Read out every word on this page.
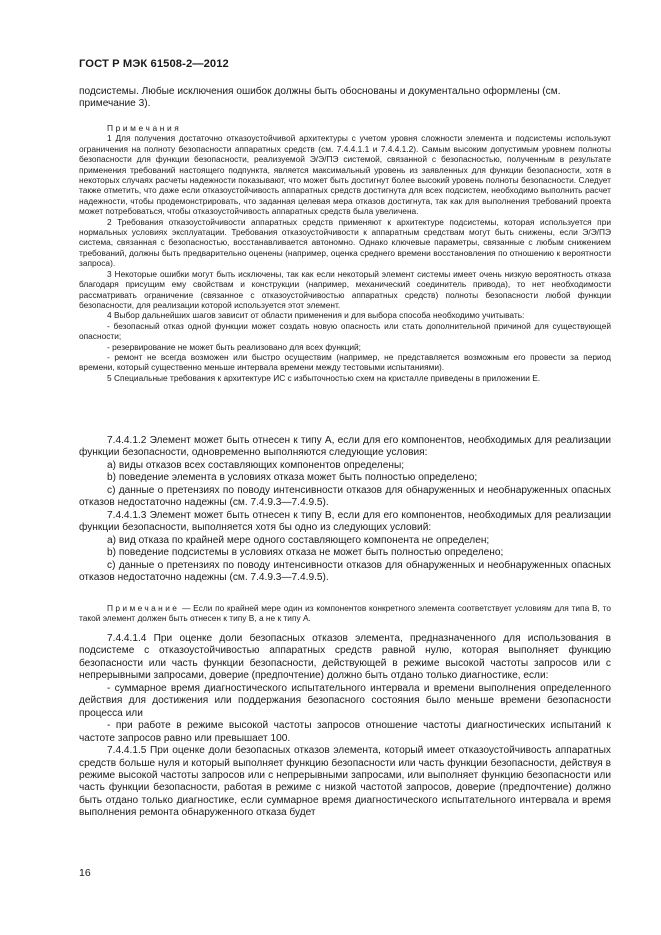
ГОСТ Р МЭК 61508-2—2012

подсистемы. Любые исключения ошибок должны быть обоснованы и документально оформлены (см.

примечание 3).

Примечания

1 Для получения достаточно отказоустойчивой архитектуры с учетом уровня сложности элемента и подсистемы используют ограничения на полноту безопасности аппаратных средств (см. 7.4.4.1.1 и 7.4.4.1.2). Самым высоким допустимым уровнем полноты безопасности для функции безопасности, реализуемой Э/Э/ПЭ системой, связанной с безопасностью, полученным в результате применения требований настоящего подпункта, является максимальный уровень из заявленных для функции безопасности, хотя в некоторых случаях расчеты надежности показывают, что может быть достигнут более высокий уровень полноты безопасности. Следует также отметить, что даже если отказоустойчивость аппаратных средств достигнута для всех подсистем, необходимо выполнить расчет надежности, чтобы продемонстрировать, что заданная целевая мера отказов достигнута, так как для выполнения требований проекта может потребоваться, чтобы отказоустойчивость аппаратных средств была увеличена.

2 Требования отказоустойчивости аппаратных средств применяют к архитектуре подсистемы, которая используется при нормальных условиях эксплуатации. Требования отказоустойчивости к аппаратным средствам могут быть снижены, если Э/Э/ПЭ система, связанная с безопасностью, восстанавливается автономно. Однако ключевые параметры, связанные с любым снижением требований, должны быть предварительно оценены (например, оценка среднего времени восстановления по отношению к вероятности запроса).

3 Некоторые ошибки могут быть исключены, так как если некоторый элемент системы имеет очень низкую вероятность отказа благодаря присущим ему свойствам и конструкции (например, механический соединитель привода), то нет необходимости рассматривать ограничение (связанное с отказоустойчивостью аппаратных средств) полноты безопасности любой функции безопасности, для реализации которой используется этот элемент.

4 Выбор дальнейших шагов зависит от области применения и для выбора способа необходимо учитывать:

- безопасный отказ одной функции может создать новую опасность или стать дополнительной причиной для существующей опасности;

- резервирование не может быть реализовано для всех функций;

- ремонт не всегда возможен или быстро осуществим (например, не представляется возможным его провести за период времени, который существенно меньше интервала времени между тестовыми испытаниями).

5 Специальные требования к архитектуре ИС с избыточностью схем на кристалле приведены в приложении Е.

7.4.4.1.2 Элемент может быть отнесен к типу А, если для его компонентов, необходимых для реализации функции безопасности, одновременно выполняются следующие условия:

а) виды отказов всех составляющих компонентов определены;

b) поведение элемента в условиях отказа может быть полностью определено;

c) данные о претензиях по поводу интенсивности отказов для обнаруженных и необнаруженных опасных отказов недостаточно надежны (см. 7.4.9.3—7.4.9.5).

7.4.4.1.3 Элемент может быть отнесен к типу В, если для его компонентов, необходимых для реализации функции безопасности, выполняется хотя бы одно из следующих условий:

а) вид отказа по крайней мере одного составляющего компонента не определен;

b) поведение подсистемы в условиях отказа не может быть полностью определено;

c) данные о претензиях по поводу интенсивности отказов для обнаруженных и необнаруженных опасных отказов недостаточно надежны (см. 7.4.9.3—7.4.9.5).

Примечание — Если по крайней мере один из компонентов конкретного элемента соответствует условиям для типа В, то такой элемент должен быть отнесен к типу В, а не к типу А.

7.4.4.1.4 При оценке доли безопасных отказов элемента, предназначенного для использования в подсистеме с отказоустойчивостью аппаратных средств равной нулю, которая выполняет функцию безопасности или часть функции безопасности, действующей в режиме высокой частоты запросов или с непрерывными запросами, доверие (предпочтение) должно быть отдано только диагностике, если:

- суммарное время диагностического испытательного интервала и времени выполнения определенного действия для достижения или поддержания безопасного состояния было меньше времени безопасности процесса или

- при работе в режиме высокой частоты запросов отношение частоты диагностических испытаний к частоте запросов равно или превышает 100.

7.4.4.1.5 При оценке доли безопасных отказов элемента, который имеет отказоустойчивость аппаратных средств больше нуля и который выполняет функцию безопасности или часть функции безопасности, действуя в режиме высокой частоты запросов или с непрерывными запросами, или выполняет функцию безопасности или часть функции безопасности, работая в режиме с низкой частотой запросов, доверие (предпочтение) должно быть отдано только диагностике, если суммарное время диагностического испытательного интервала и время выполнения ремонта обнаруженного отказа будет

16
